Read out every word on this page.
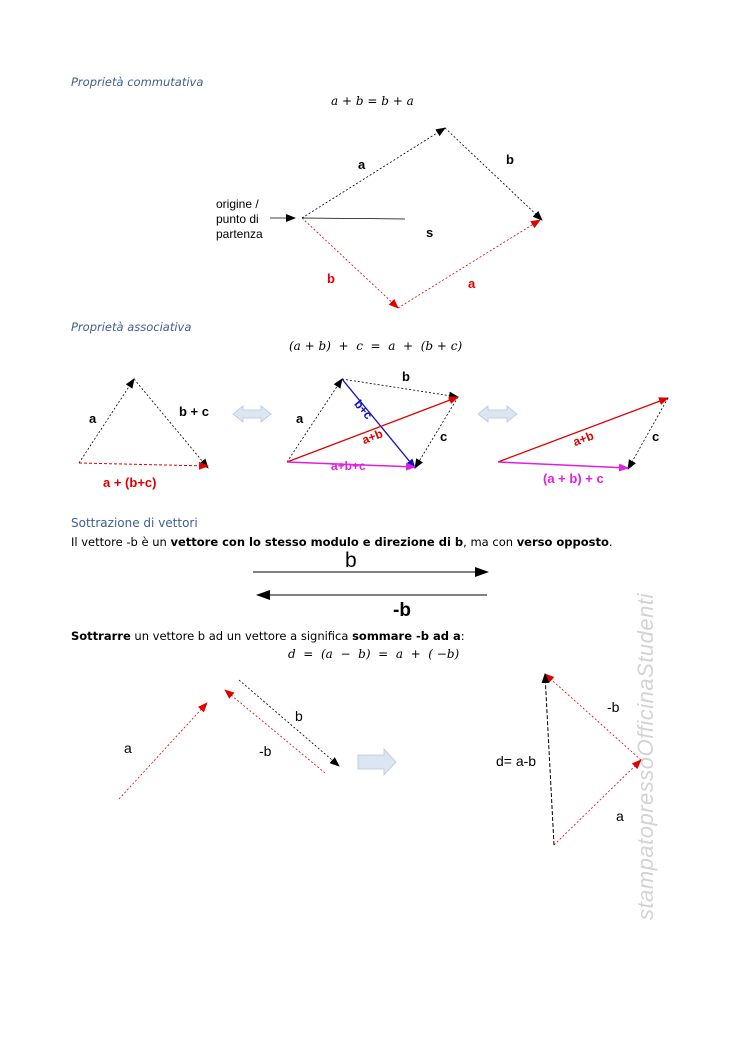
Proprietà commutativa
a + b = b + a
a	b
origine /
punto di
partenza	s
b	a
Proprietà associativa
(a + b)  +  c  =  a  +  (b + c)
a	b + c
a + (b+c)
a
b
b+c
a+b	c
a+b+c
a+b	c
(a + b) + c
Sottrazione di vettori
Il vettore -b è un vettore con lo stesso modulo e direzione di b, ma con verso opposto.
b
-b
Sottrarre un vettore b ad un vettore a significa sommare -b ad a:
d  =  (a  −  b)  =  a  +  ( −b)
a
b
-b
-b
d= a-b
a stampatopressoOfficinaStudenti
